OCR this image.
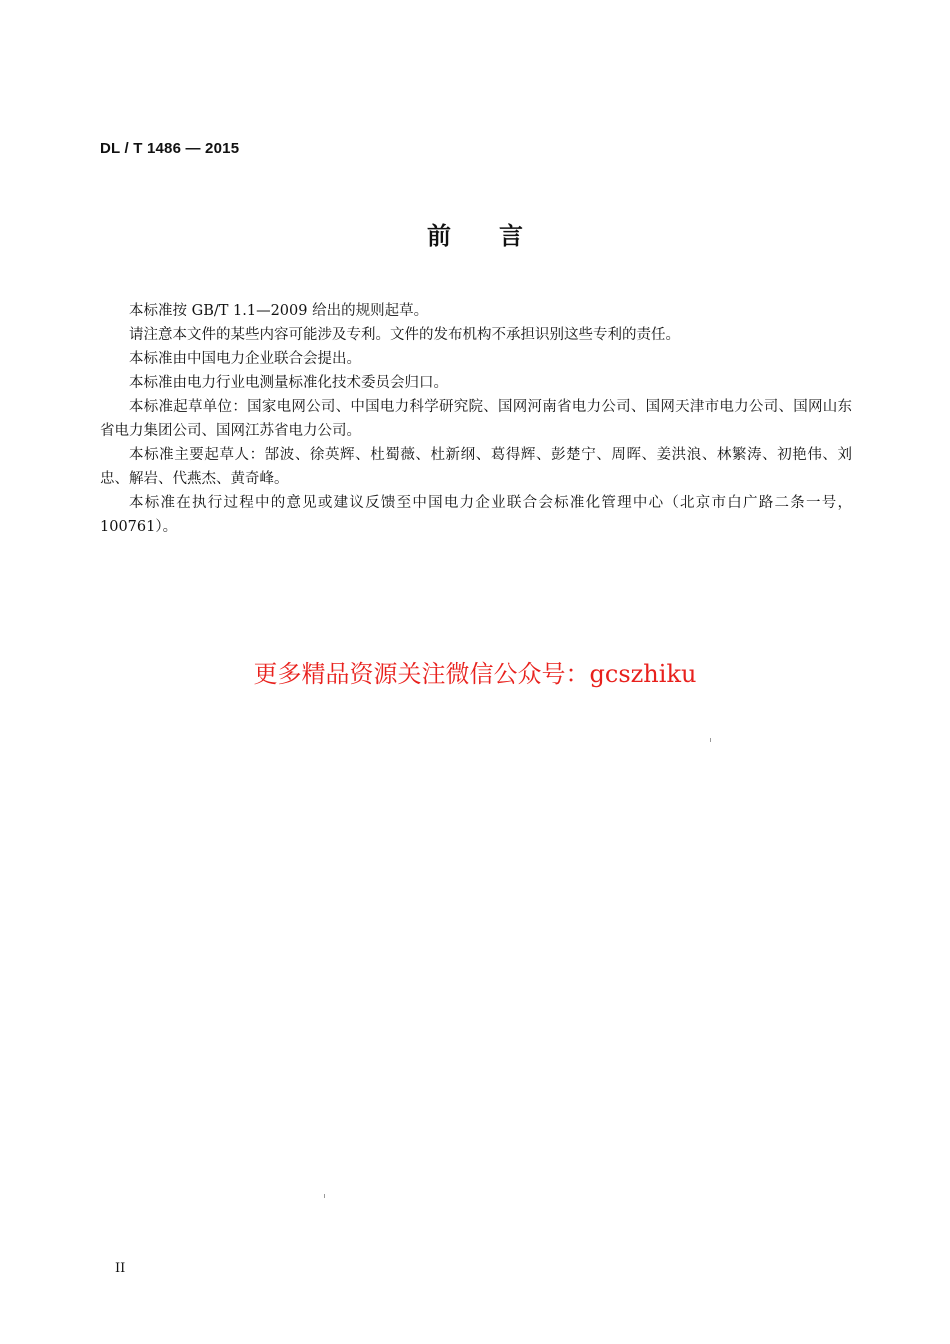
DL / T 1486 — 2015
前言

本标准按 GB/T 1.1—2009 给出的规则起草。

请注意本文件的某些内容可能涉及专利。文件的发布机构不承担识别这些专利的责任。

本标准由中国电力企业联合会提出。

本标准由电力行业电测量标准化技术委员会归口。

本标准起草单位：国家电网公司、中国电力科学研究院、国网河南省电力公司、国网天津市电力公司、国网山东省电力集团公司、国网江苏省电力公司。

本标准主要起草人：郜波、徐英辉、杜蜀薇、杜新纲、葛得辉、彭楚宁、周晖、姜洪浪、林繁涛、初艳伟、刘忠、解岩、代燕杰、黄奇峰。

本标准在执行过程中的意见或建议反馈至中国电力企业联合会标准化管理中心（北京市白广路二条一号，100761）。

更多精品资源关注微信公众号：gcszhiku
II
